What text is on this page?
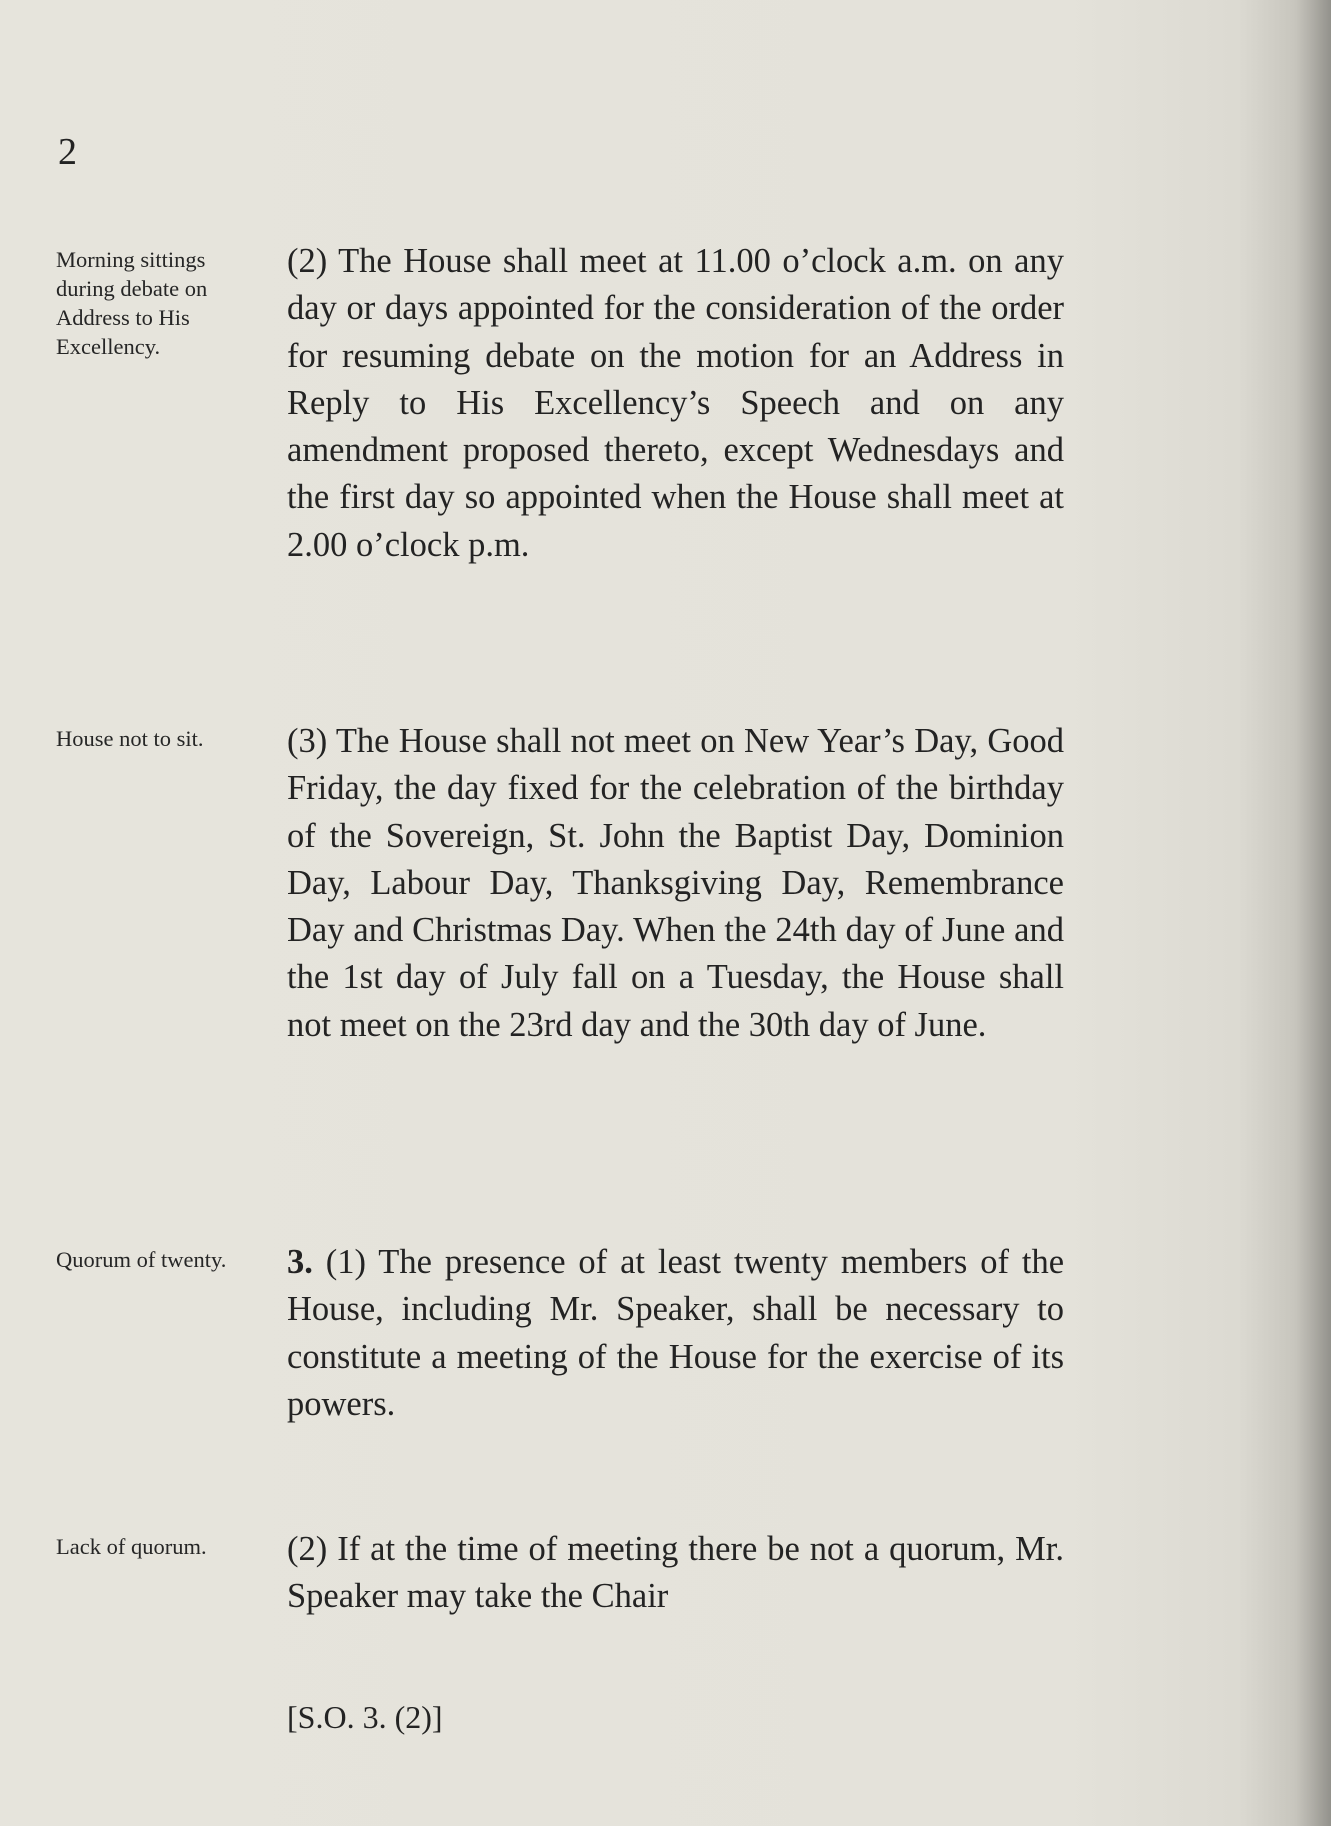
2
Morning sittings during debate on Address to His Excellency.
(2) The House shall meet at 11.00 o’clock a.m. on any day or days appointed for the consideration of the order for resuming debate on the motion for an Address in Reply to His Excellency’s Speech and on any amendment proposed thereto, except Wednesdays and the first day so appointed when the House shall meet at 2.00 o’clock p.m.
House not to sit.	(3) The House shall not meet on New Year’s Day, Good Friday, the day fixed for the celebration of the birthday of the Sovereign, St. John the Baptist Day, Dominion Day, Labour Day, Thanksgiving Day, Remembrance Day and Christmas Day. When the 24th day of June and the 1st day of July fall on a Tuesday, the House shall not meet on the 23rd day and the 30th day of June.
Quorum of twenty.	3. (1) The presence of at least twenty members of the House, including Mr. Speaker, shall be necessary to constitute a meeting of the House for the exercise of its powers.
Lack of quorum.	(2) If at the time of meeting there be not a quorum, Mr. Speaker may take the Chair
[S.O. 3. (2)]
